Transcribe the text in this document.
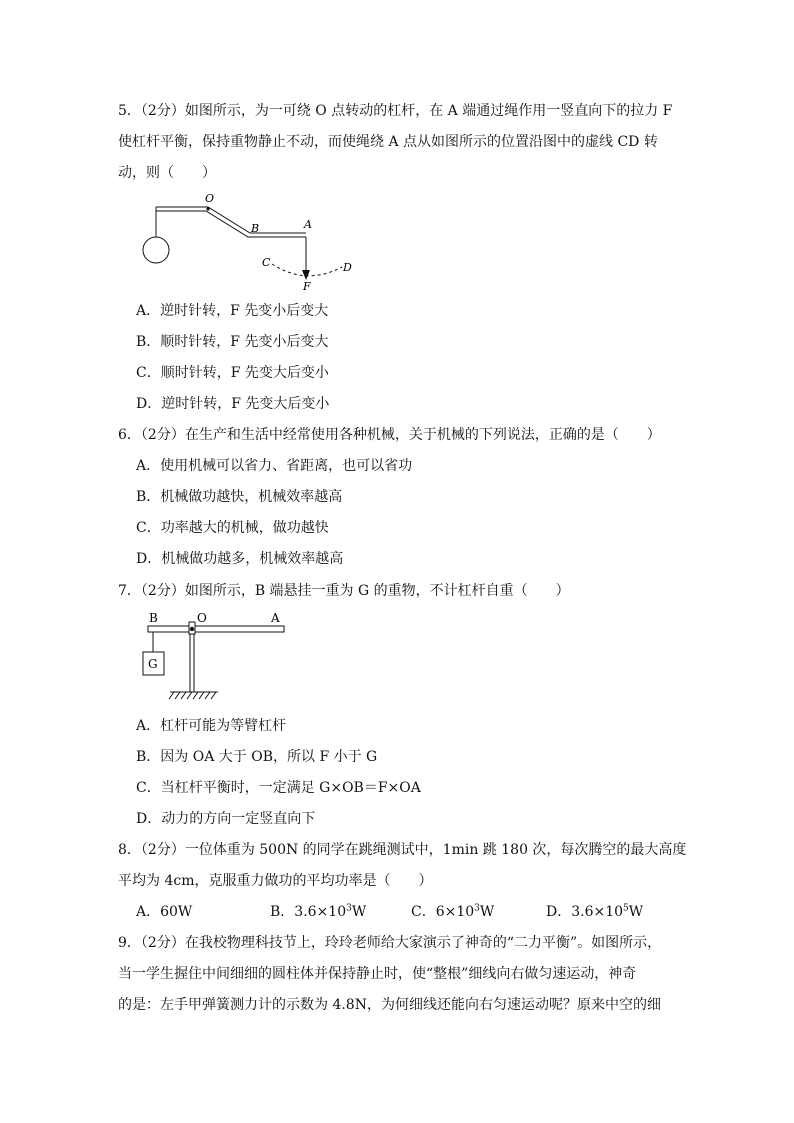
5．（2分）如图所示，为一可绕 O 点转动的杠杆，在 A 端通过绳作用一竖直向下的拉力 F
使杠杆平衡，保持重物静止不动，而使绳绕 A 点从如图所示的位置沿图中的虚线 CD 转
动，则（　　）
O
B	A
C	D
F
A．逆时针转，F 先变小后变大
B．顺时针转，F 先变小后变大
C．顺时针转，F 先变大后变小
D．逆时针转，F 先变大后变小
6．（2分）在生产和生活中经常使用各种机械，关于机械的下列说法，正确的是（　　）
A．使用机械可以省力、省距离，也可以省功
B．机械做功越快，机械效率越高
C．功率越大的机械，做功越快
D．机械做功越多，机械效率越高
7．（2分）如图所示，B 端悬挂一重为 G 的重物，不计杠杆自重（　　）
G
B	O	A
A．杠杆可能为等臂杠杆
B．因为 OA 大于 OB，所以 F 小于 G
C．当杠杆平衡时，一定满足 G×OB＝F×OA
D．动力的方向一定竖直向下
8．（2分）一位体重为 500N 的同学在跳绳测试中，1min 跳 180 次，每次腾空的最大高度
平均为 4cm，克服重力做功的平均功率是（　　）
A．60W	B．$3.6\times 10^3W$	C．$6\times 10^3W$	D．$3.6\times 10^5W$
9．（2分）在我校物理科技节上，玲玲老师给大家演示了神奇的“二力平衡”。如图所示，
当一学生握住中间细细的圆柱体并保持静止时，使“整根”细线向右做匀速运动，神奇
的是：左手甲弹簧测力计的示数为 4.8N，为何细线还能向右匀速运动呢？原来中空的细
